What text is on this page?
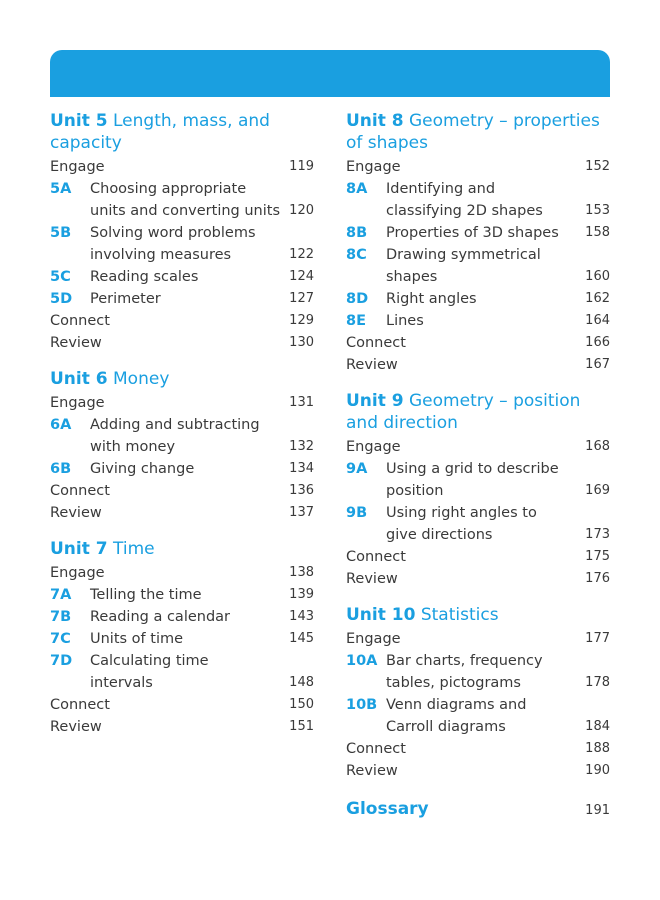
Unit 5 Length, mass, and capacity
Engage	119
5A	Choosing appropriate
units and converting units 120
5B	Solving word problems
involving measures	122
5C	Reading scales	124
5D	Perimeter	127
Connect	129
Review	130
Unit 6 Money
Engage	131
6A	Adding and subtracting
with money	132
6B	Giving change	134
Connect	136
Review	137
Unit 7 Time
Engage	138
7A	Telling the time	139
7B	Reading a calendar	143
7C	Units of time	145
7D	Calculating time
intervals	148
Connect	150
Review	151
Unit 8 Geometry – properties of shapes
Engage	152
8A	Identifying and
classifying 2D shapes	153
8B	Properties of 3D shapes	158
8C	Drawing symmetrical
shapes	160
8D	Right angles	162
8E	Lines	164
Connect	166
Review	167
Unit 9 Geometry – position and direction
Engage	168
9A	Using a grid to describe
position	169
9B	Using right angles to
give directions	173
Connect	175
Review	176
Unit 10 Statistics
Engage	177
10A Bar charts, frequency
tables, pictograms	178
10B Venn diagrams and
Carroll diagrams	184
Connect	188
Review	190
Glossary	191
